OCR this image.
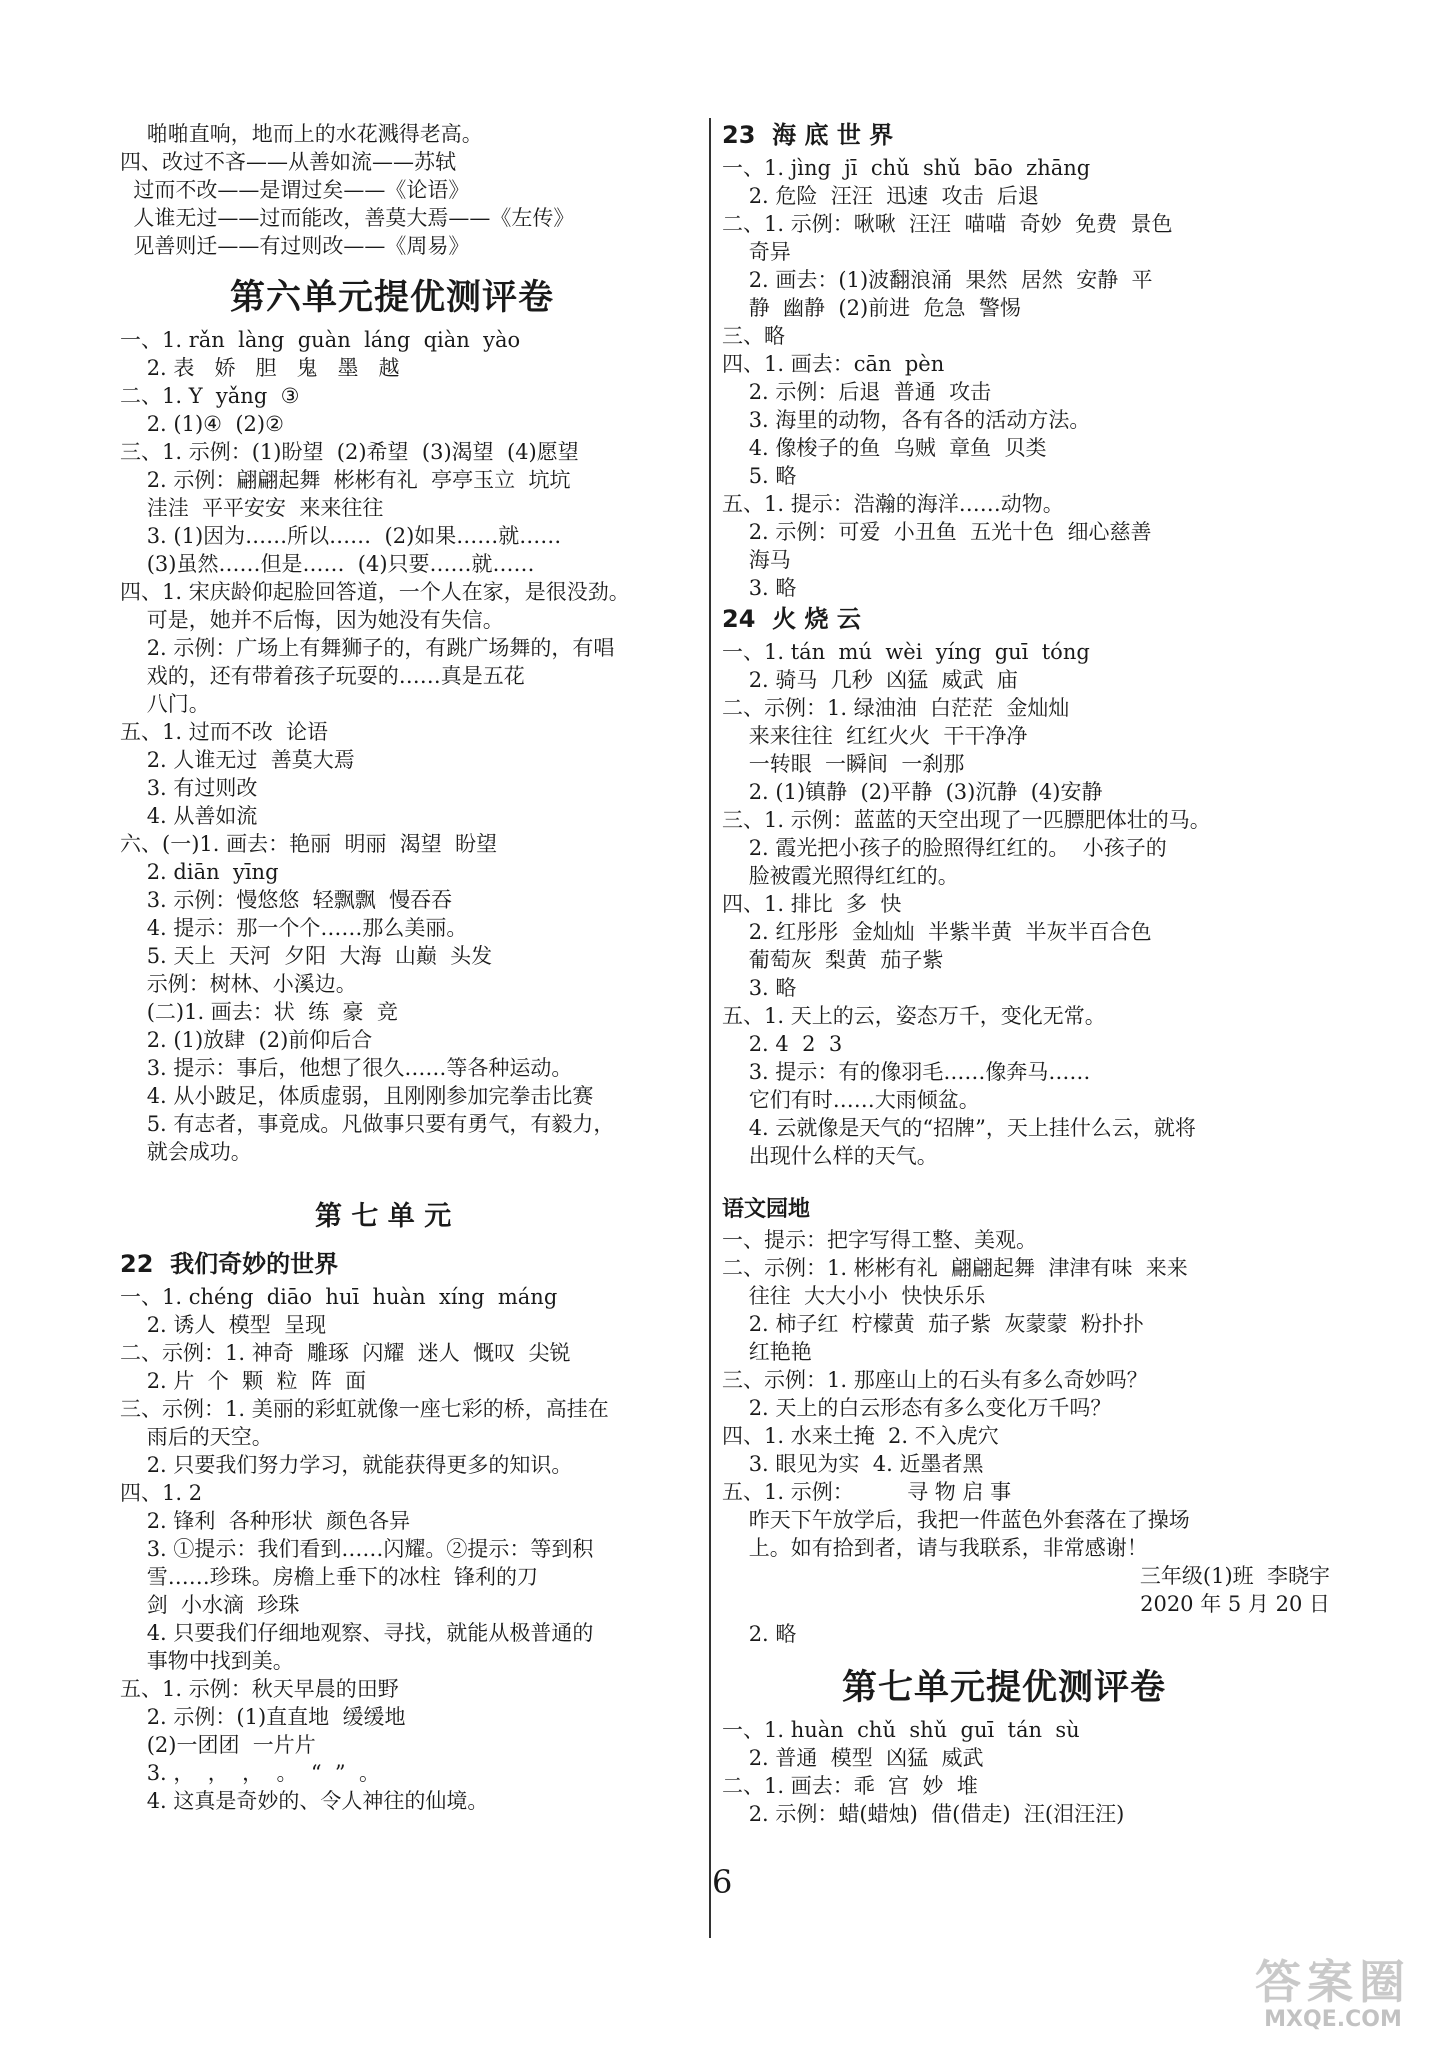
啪啪直响，地而上的水花溅得老高。
四、改过不吝——从善如流——苏轼
过而不改——是谓过矣——《论语》
人谁无过——过而能改，善莫大焉——《左传》
见善则迁——有过则改——《周易》
第六单元提优测评卷
一、1. rǎn  làng  guàn  láng  qiàn  yào
2. 表   娇   胆   鬼   墨   越
二、1. Y  yǎng  ③
2. (1)④  (2)②
三、1. 示例：(1)盼望  (2)希望  (3)渴望  (4)愿望
2. 示例：翩翩起舞  彬彬有礼  亭亭玉立  坑坑
洼洼  平平安安  来来往往
3. (1)因为……所以……  (2)如果……就……
(3)虽然……但是……  (4)只要……就……
四、1. 宋庆龄仰起脸回答道，一个人在家，是很没劲。
可是，她并不后悔，因为她没有失信。
2. 示例：广场上有舞狮子的，有跳广场舞的，有唱
戏的，还有带着孩子玩耍的……真是五花
八门。
五、1. 过而不改  论语
2. 人谁无过  善莫大焉
3. 有过则改
4. 从善如流
六、(一)1. 画去：艳丽  明丽  渴望  盼望
2. diān  yīng
3. 示例：慢悠悠  轻飘飘  慢吞吞
4. 提示：那一个个……那么美丽。
5. 天上  天河  夕阳  大海  山巅  头发
示例：树林、小溪边。
(二)1. 画去：状  练  豪  竞
2. (1)放肆  (2)前仰后合
3. 提示：事后，他想了很久……等各种运动。
4. 从小跛足，体质虚弱，且刚刚参加完拳击比赛
5. 有志者，事竟成。凡做事只要有勇气，有毅力，
就会成功。
第 七 单 元
22  我们奇妙的世界
一、1. chéng  diāo  huī  huàn  xíng  máng
2. 诱人  模型  呈现
二、示例：1. 神奇  雕琢  闪耀  迷人  慨叹  尖锐
2. 片  个  颗  粒  阵  面
三、示例：1. 美丽的彩虹就像一座七彩的桥，高挂在
雨后的天空。
2. 只要我们努力学习，就能获得更多的知识。
四、1. 2
2. 锋利  各种形状  颜色各异
3. ①提示：我们看到……闪耀。②提示：等到积
雪……珍珠。房檐上垂下的冰柱  锋利的刀
剑  小水滴  珍珠
4. 只要我们仔细地观察、寻找，就能从极普通的
事物中找到美。
五、1. 示例：秋天早晨的田野
2. 示例：(1)直直地  缓缓地
(2)一团团  一片片
3. ，  ，  ，  。  “  ”  。
4. 这真是奇妙的、令人神往的仙境。
23  海 底 世 界
一、1. jìng  jī  chǔ  shǔ  bāo  zhāng
2. 危险  汪汪  迅速  攻击  后退
二、1. 示例：啾啾  汪汪  喵喵  奇妙  免费  景色
奇异
2. 画去：(1)波翻浪涌  果然  居然  安静  平
静  幽静  (2)前进  危急  警惕
三、略
四、1. 画去：cān  pèn
2. 示例：后退  普通  攻击
3. 海里的动物，各有各的活动方法。
4. 像梭子的鱼  乌贼  章鱼  贝类
5. 略
五、1. 提示：浩瀚的海洋……动物。
2. 示例：可爱  小丑鱼  五光十色  细心慈善
海马
3. 略
24  火 烧 云
一、1. tán  mú  wèi  yíng  guī  tóng
2. 骑马  几秒  凶猛  威武  庙
二、示例：1. 绿油油  白茫茫  金灿灿
来来往往  红红火火  干干净净
一转眼  一瞬间  一刹那
2. (1)镇静  (2)平静  (3)沉静  (4)安静
三、1. 示例：蓝蓝的天空出现了一匹膘肥体壮的马。
2. 霞光把小孩子的脸照得红红的。  小孩子的
脸被霞光照得红红的。
四、1. 排比  多  快
2. 红彤彤  金灿灿  半紫半黄  半灰半百合色
葡萄灰  梨黄  茄子紫
3. 略
五、1. 天上的云，姿态万千，变化无常。
2. 4  2  3
3. 提示：有的像羽毛……像奔马……
它们有时……大雨倾盆。
4. 云就像是天气的“招牌”，天上挂什么云，就将
出现什么样的天气。
语文园地
一、提示：把字写得工整、美观。
二、示例：1. 彬彬有礼  翩翩起舞  津津有味  来来
往往  大大小小  快快乐乐
2. 柿子红  柠檬黄  茄子紫  灰蒙蒙  粉扑扑
红艳艳
三、示例：1. 那座山上的石头有多么奇妙吗？
2. 天上的白云形态有多么变化万千吗？
四、1. 水来土掩  2. 不入虎穴
3. 眼见为实  4. 近墨者黑
五、1. 示例：        寻 物 启 事
昨天下午放学后，我把一件蓝色外套落在了操场
上。如有拾到者，请与我联系，非常感谢！
三年级(1)班  李晓宇
2020 年 5 月 20 日
2. 略
第七单元提优测评卷
一、1. huàn  chǔ  shǔ  guī  tán  sù
2. 普通  模型  凶猛  威武
二、1. 画去：乖  宫  妙  堆
2. 示例：蜡(蜡烛)  借(借走)  汪(泪汪汪)
6
答案圈
MXQE.COM
